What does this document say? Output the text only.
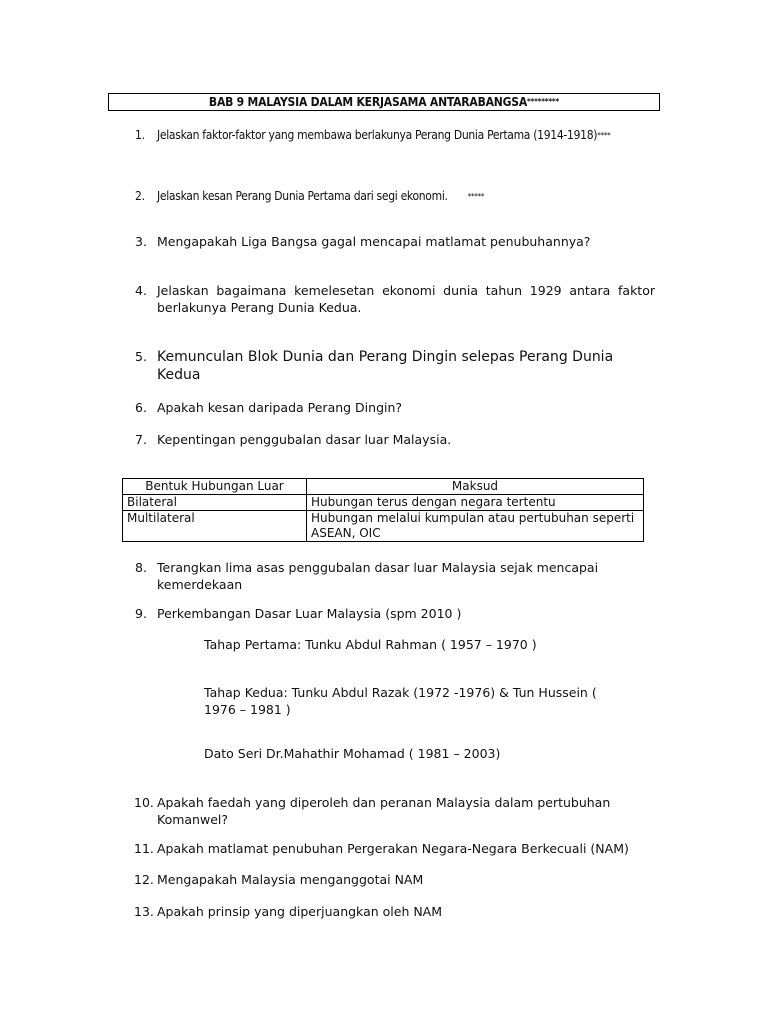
BAB 9 MALAYSIA DALAM KERJASAMA ANTARABANGSA*********
1.	Jelaskan faktor-faktor yang membawa berlakunya Perang Dunia Pertama (1914-1918)****
2.	Jelaskan kesan Perang Dunia Pertama dari segi ekonomi.	*****
3. Mengapakah Liga Bangsa gagal mencapai matlamat penubuhannya?
4. Jelaskan bagaimana kemelesetan ekonomi dunia tahun 1929 antara faktor berlakunya Perang Dunia Kedua.
5. Kemunculan Blok Dunia dan Perang Dingin selepas Perang Dunia Kedua
6. Apakah kesan daripada Perang Dingin?
7. Kepentingan penggubalan dasar luar Malaysia.
Bentuk Hubungan Luar	Maksud
Bilateral	Hubungan terus dengan negara tertentu
Multilateral	Hubungan melalui kumpulan atau pertubuhan seperti ASEAN, OIC
8. Terangkan lima asas penggubalan dasar luar Malaysia sejak mencapai kemerdekaan
9. Perkembangan Dasar Luar Malaysia (spm 2010 )
Tahap Pertama: Tunku Abdul Rahman ( 1957 – 1970 )
Tahap Kedua: Tunku Abdul Razak (1972 -1976) & Tun Hussein ( 1976 – 1981 )
Dato Seri Dr.Mahathir Mohamad ( 1981 – 2003)
10. Apakah faedah yang diperoleh dan peranan Malaysia dalam pertubuhan Komanwel?
11. Apakah matlamat penubuhan Pergerakan Negara-Negara Berkecuali (NAM)
12. Mengapakah Malaysia menganggotai NAM
13. Apakah prinsip yang diperjuangkan oleh NAM
